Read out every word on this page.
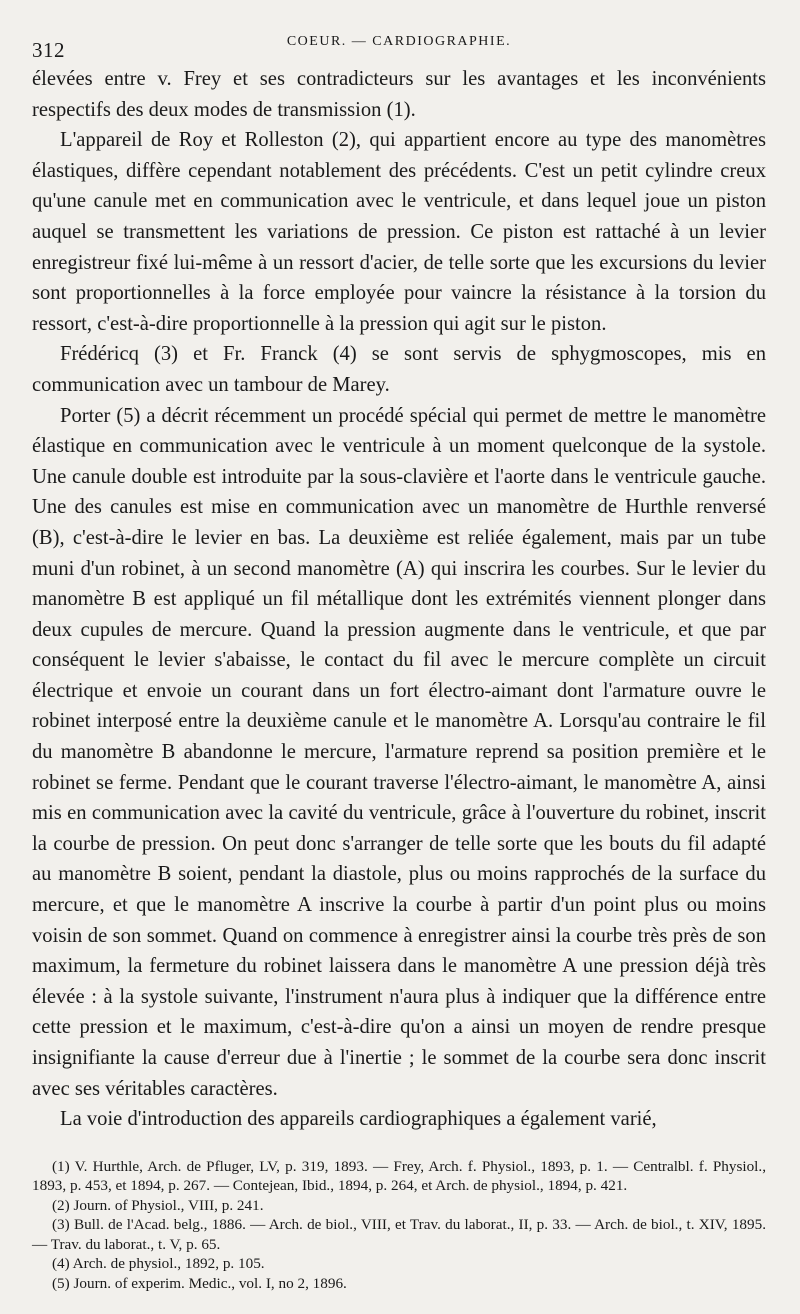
312	COEUR. — CARDIOGRAPHIE.

élevées entre v. Frey et ses contradicteurs sur les avantages et les inconvénients respectifs des deux modes de transmission (1).

L'appareil de Roy et Rolleston (2), qui appartient encore au type des manomètres élastiques, diffère cependant notablement des précédents. C'est un petit cylindre creux qu'une canule met en communication avec le ventricule, et dans lequel joue un piston auquel se transmettent les variations de pression. Ce piston est rattaché à un levier enregistreur fixé lui-même à un ressort d'acier, de telle sorte que les excursions du levier sont proportionnelles à la force employée pour vaincre la résistance à la torsion du ressort, c'est-à-dire proportionnelle à la pression qui agit sur le piston.

Frédéricq (3) et Fr. Franck (4) se sont servis de sphygmoscopes, mis en communication avec un tambour de Marey.

Porter (5) a décrit récemment un procédé spécial qui permet de mettre le manomètre élastique en communication avec le ventricule à un moment quelconque de la systole. Une canule double est introduite par la sous-clavière et l'aorte dans le ventricule gauche. Une des canules est mise en communication avec un manomètre de Hurthle renversé (B), c'est-à-dire le levier en bas. La deuxième est reliée également, mais par un tube muni d'un robinet, à un second manomètre (A) qui inscrira les courbes. Sur le levier du manomètre B est appliqué un fil métallique dont les extrémités viennent plonger dans deux cupules de mercure. Quand la pression augmente dans le ventricule, et que par conséquent le levier s'abaisse, le contact du fil avec le mercure complète un circuit électrique et envoie un courant dans un fort électro-aimant dont l'armature ouvre le robinet interposé entre la deuxième canule et le manomètre A. Lorsqu'au contraire le fil du manomètre B abandonne le mercure, l'armature reprend sa position première et le robinet se ferme. Pendant que le courant traverse l'électro-aimant, le manomètre A, ainsi mis en communication avec la cavité du ventricule, grâce à l'ouverture du robinet, inscrit la courbe de pression. On peut donc s'arranger de telle sorte que les bouts du fil adapté au manomètre B soient, pendant la diastole, plus ou moins rapprochés de la surface du mercure, et que le manomètre A inscrive la courbe à partir d'un point plus ou moins voisin de son sommet. Quand on commence à enregistrer ainsi la courbe très près de son maximum, la fermeture du robinet laissera dans le manomètre A une pression déjà très élevée : à la systole suivante, l'instrument n'aura plus à indiquer que la différence entre cette pression et le maximum, c'est-à-dire qu'on a ainsi un moyen de rendre presque insignifiante la cause d'erreur due à l'inertie ; le sommet de la courbe sera donc inscrit avec ses véritables caractères.

La voie d'introduction des appareils cardiographiques a également varié,

(1) V. Hurthle, Arch. de Pfluger, LV, p. 319, 1893. — Frey, Arch. f. Physiol., 1893, p. 1. — Centralbl. f. Physiol., 1893, p. 453, et 1894, p. 267. — Contejean, Ibid., 1894, p. 264, et Arch. de physiol., 1894, p. 421.

(2) Journ. of Physiol., VIII, p. 241.

(3) Bull. de l'Acad. belg., 1886. — Arch. de biol., VIII, et Trav. du laborat., II, p. 33. — Arch. de biol., t. XIV, 1895. — Trav. du laborat., t. V, p. 65.

(4) Arch. de physiol., 1892, p. 105.

(5) Journ. of experim. Medic., vol. I, no 2, 1896.
